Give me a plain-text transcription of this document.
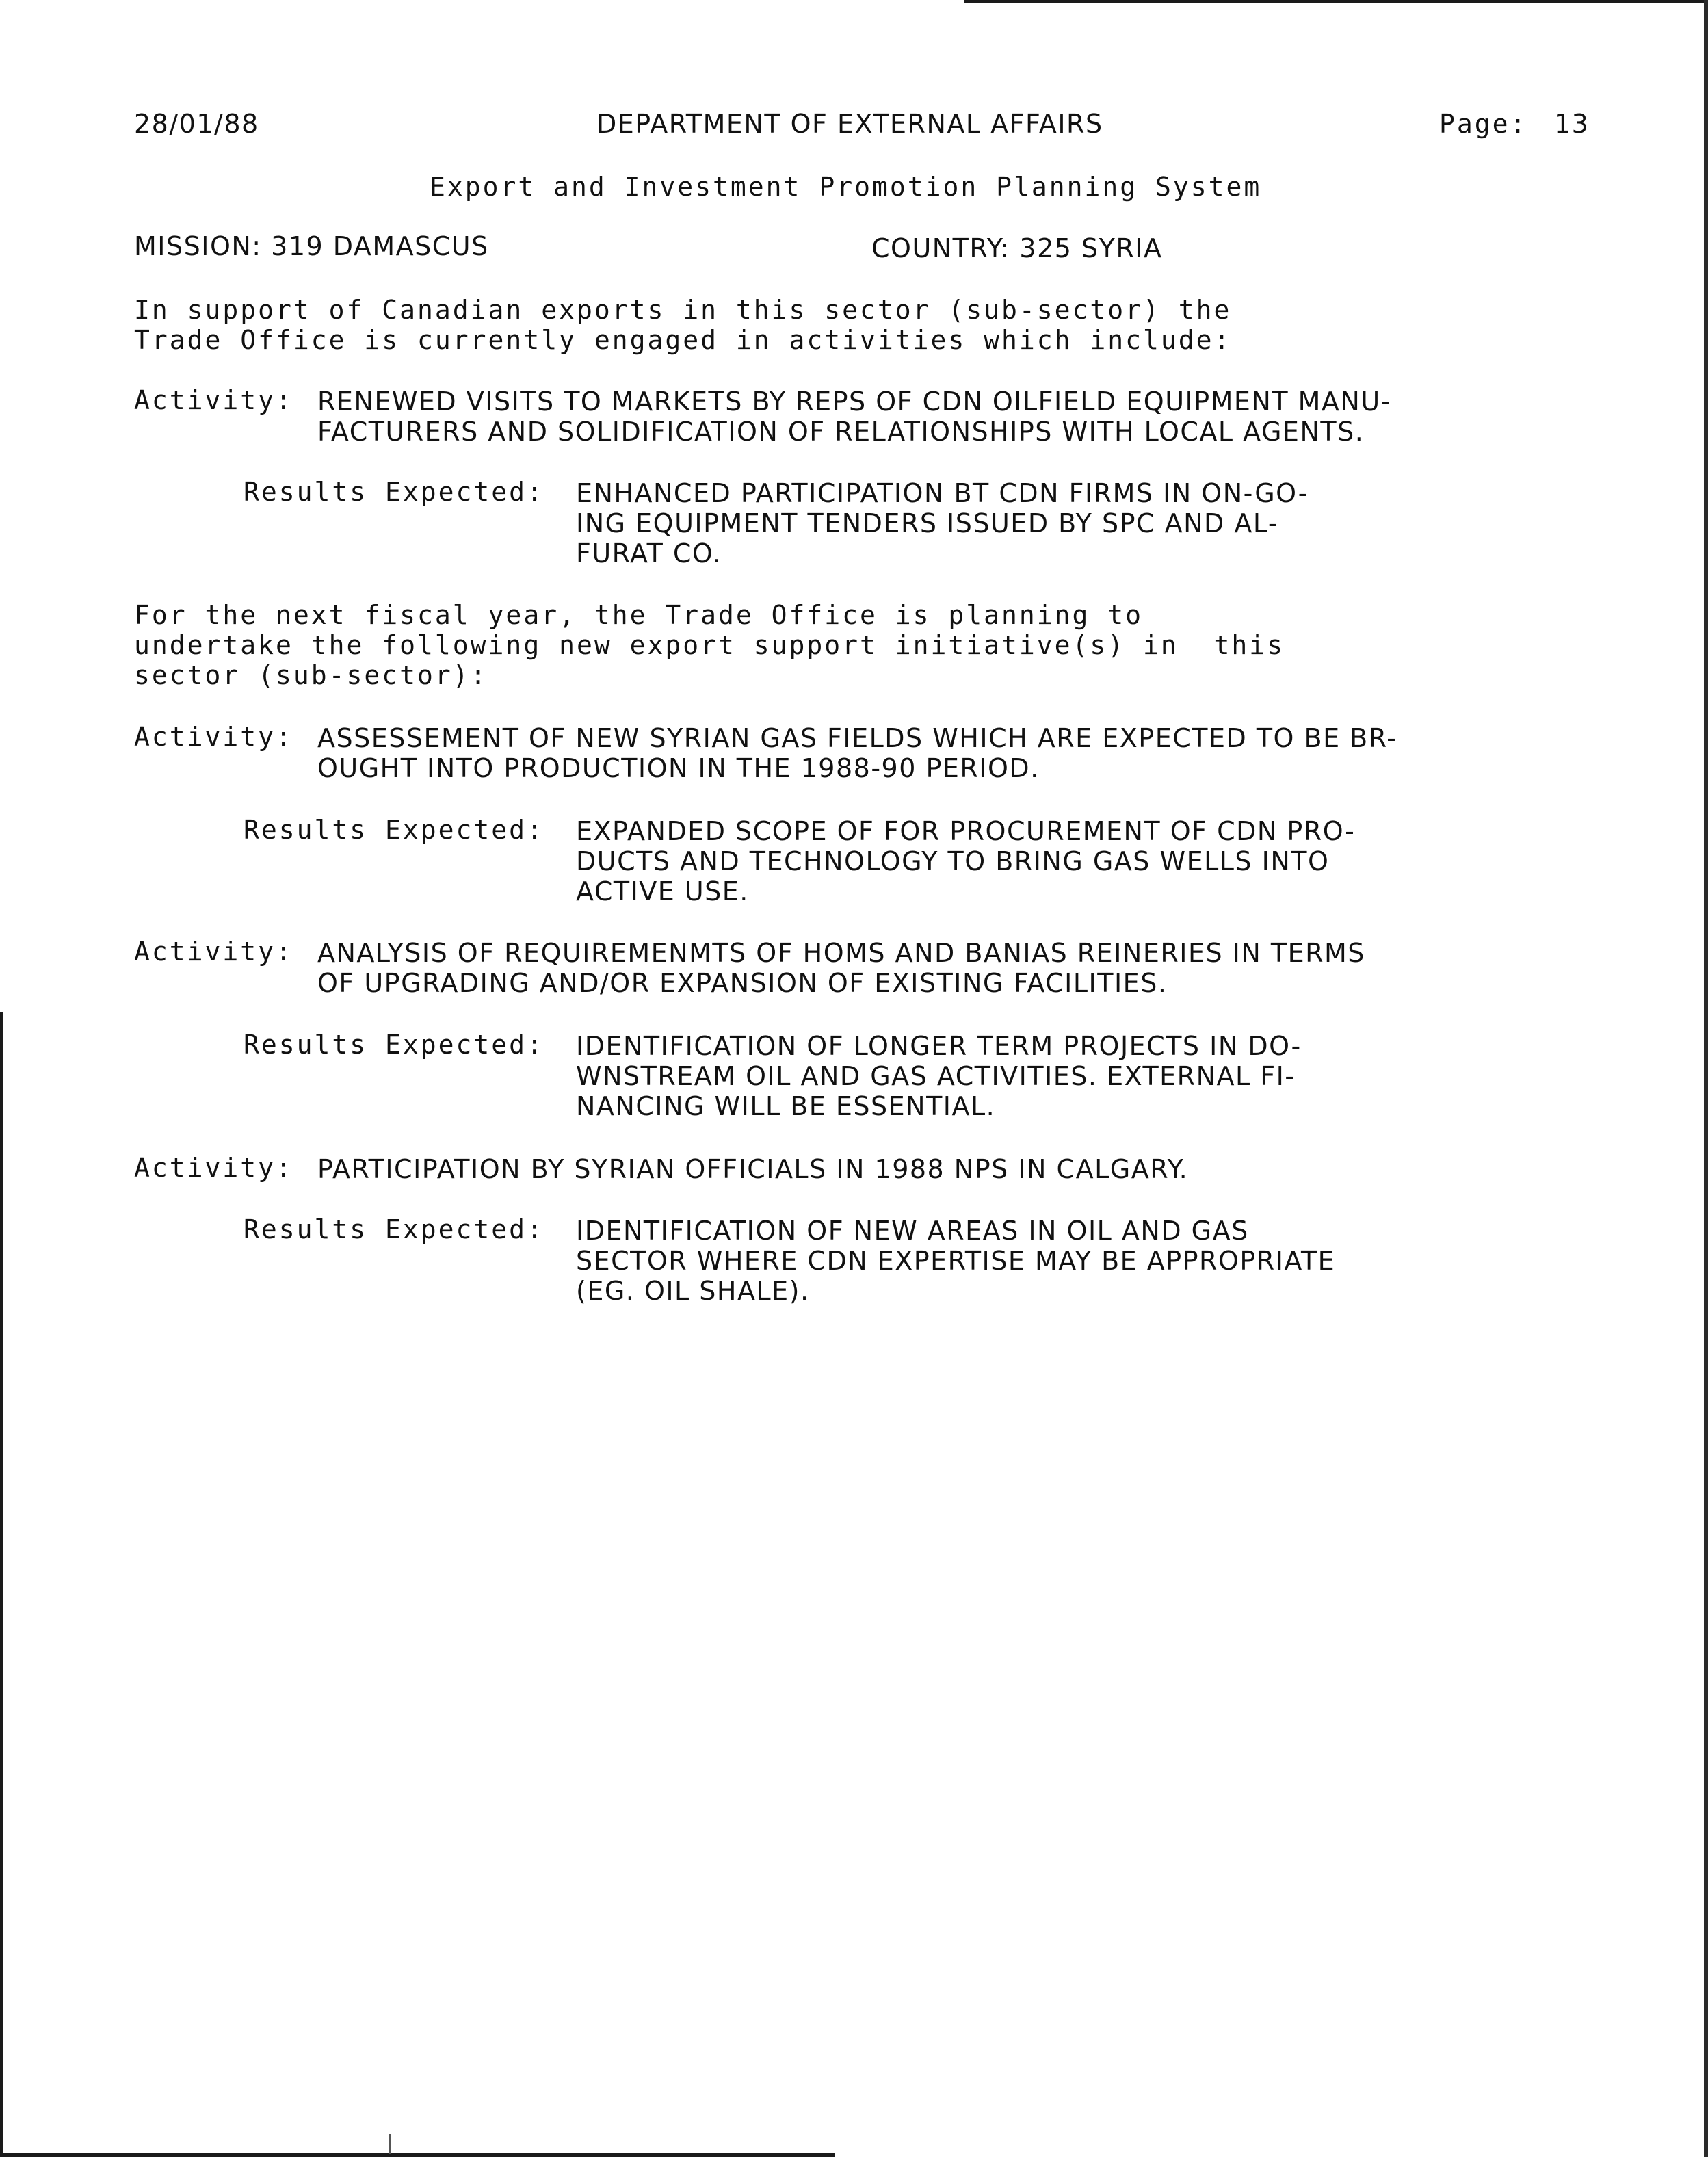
28/01/88	DEPARTMENT OF EXTERNAL AFFAIRS	Page: 13
Export and Investment Promotion Planning System
MISSION: 319 DAMASCUS	COUNTRY: 325 SYRIA
In support of Canadian exports in this sector (sub-sector) the
Trade Office is currently engaged in activities which include:
Activity: RENEWED VISITS TO MARKETS BY REPS OF CDN OILFIELD EQUIPMENT MANU-
FACTURERS AND SOLIDIFICATION OF RELATIONSHIPS WITH LOCAL AGENTS.
Results Expected: ENHANCED PARTICIPATION BT CDN FIRMS IN ON-GO-
ING EQUIPMENT TENDERS ISSUED BY SPC AND AL-
FURAT CO.
For the next fiscal year, the Trade Office is planning to
undertake the following new export support initiative(s) in  this
sector (sub-sector):
Activity: ASSESSEMENT OF NEW SYRIAN GAS FIELDS WHICH ARE EXPECTED TO BE BR-
OUGHT INTO PRODUCTION IN THE 1988-90 PERIOD.
Results Expected: EXPANDED SCOPE OF FOR PROCUREMENT OF CDN PRO-
DUCTS AND TECHNOLOGY TO BRING GAS WELLS INTO
ACTIVE USE.
Activity: ANALYSIS OF REQUIREMENMTS OF HOMS AND BANIAS REINERIES IN TERMS
OF UPGRADING AND/OR EXPANSION OF EXISTING FACILITIES.
Results Expected: IDENTIFICATION OF LONGER TERM PROJECTS IN DO-
WNSTREAM OIL AND GAS ACTIVITIES. EXTERNAL FI-
NANCING WILL BE ESSENTIAL.
Activity: PARTICIPATION BY SYRIAN OFFICIALS IN 1988 NPS IN CALGARY.
Results Expected: IDENTIFICATION OF NEW AREAS IN OIL AND GAS
SECTOR WHERE CDN EXPERTISE MAY BE APPROPRIATE
(EG. OIL SHALE).
